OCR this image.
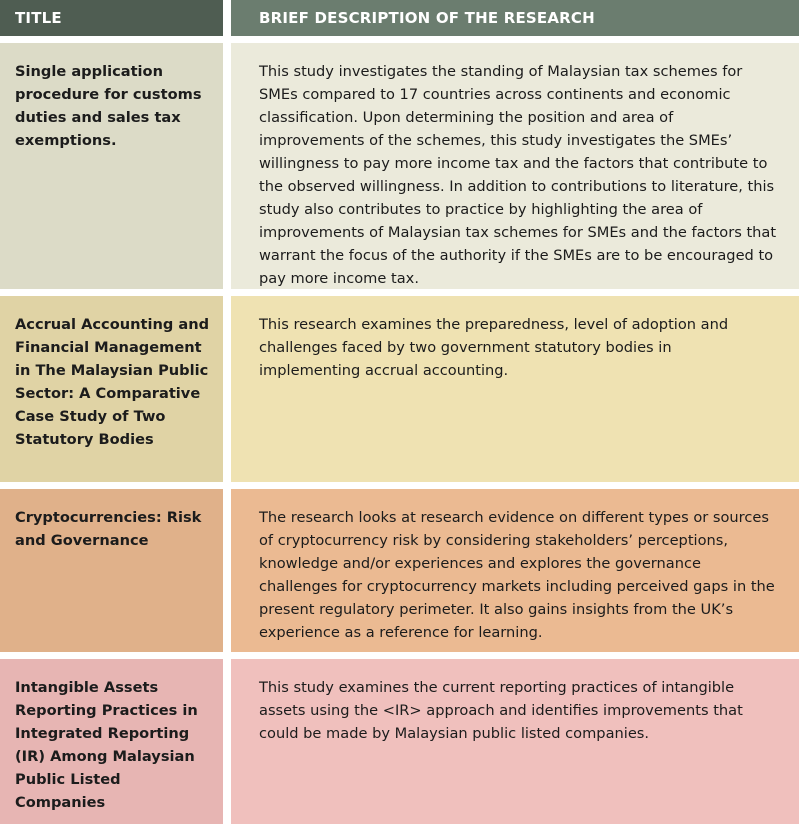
TITLE	BRIEF DESCRIPTION OF THE RESEARCH
Single application procedure for customs duties and sales tax exemptions.
This study investigates the standing of Malaysian tax schemes for SMEs compared to 17 countries across continents and economic classification. Upon determining the position and area of improvements of the schemes, this study investigates the SMEs’ willingness to pay more income tax and the factors that contribute to the observed willingness. In addition to contributions to literature, this study also contributes to practice by highlighting the area of improvements of Malaysian tax schemes for SMEs and the factors that warrant the focus of the authority if the SMEs are to be encouraged to pay more income tax.
Accrual Accounting and Financial Management in The Malaysian Public Sector: A Comparative Case Study of Two Statutory Bodies
This research examines the preparedness, level of adoption and challenges faced by two government statutory bodies in implementing accrual accounting.
Cryptocurrencies: Risk and Governance
The research looks at research evidence on different types or sources of cryptocurrency risk by considering stakeholders’ perceptions, knowledge and/or experiences and explores the governance challenges for cryptocurrency markets including perceived gaps in the present regulatory perimeter. It also gains insights from the UK’s experience as a reference for learning.
Intangible Assets Reporting Practices in Integrated Reporting (IR) Among Malaysian Public Listed Companies
This study examines the current reporting practices of intangible assets using the <IR> approach and identifies improvements that could be made by Malaysian public listed companies.
